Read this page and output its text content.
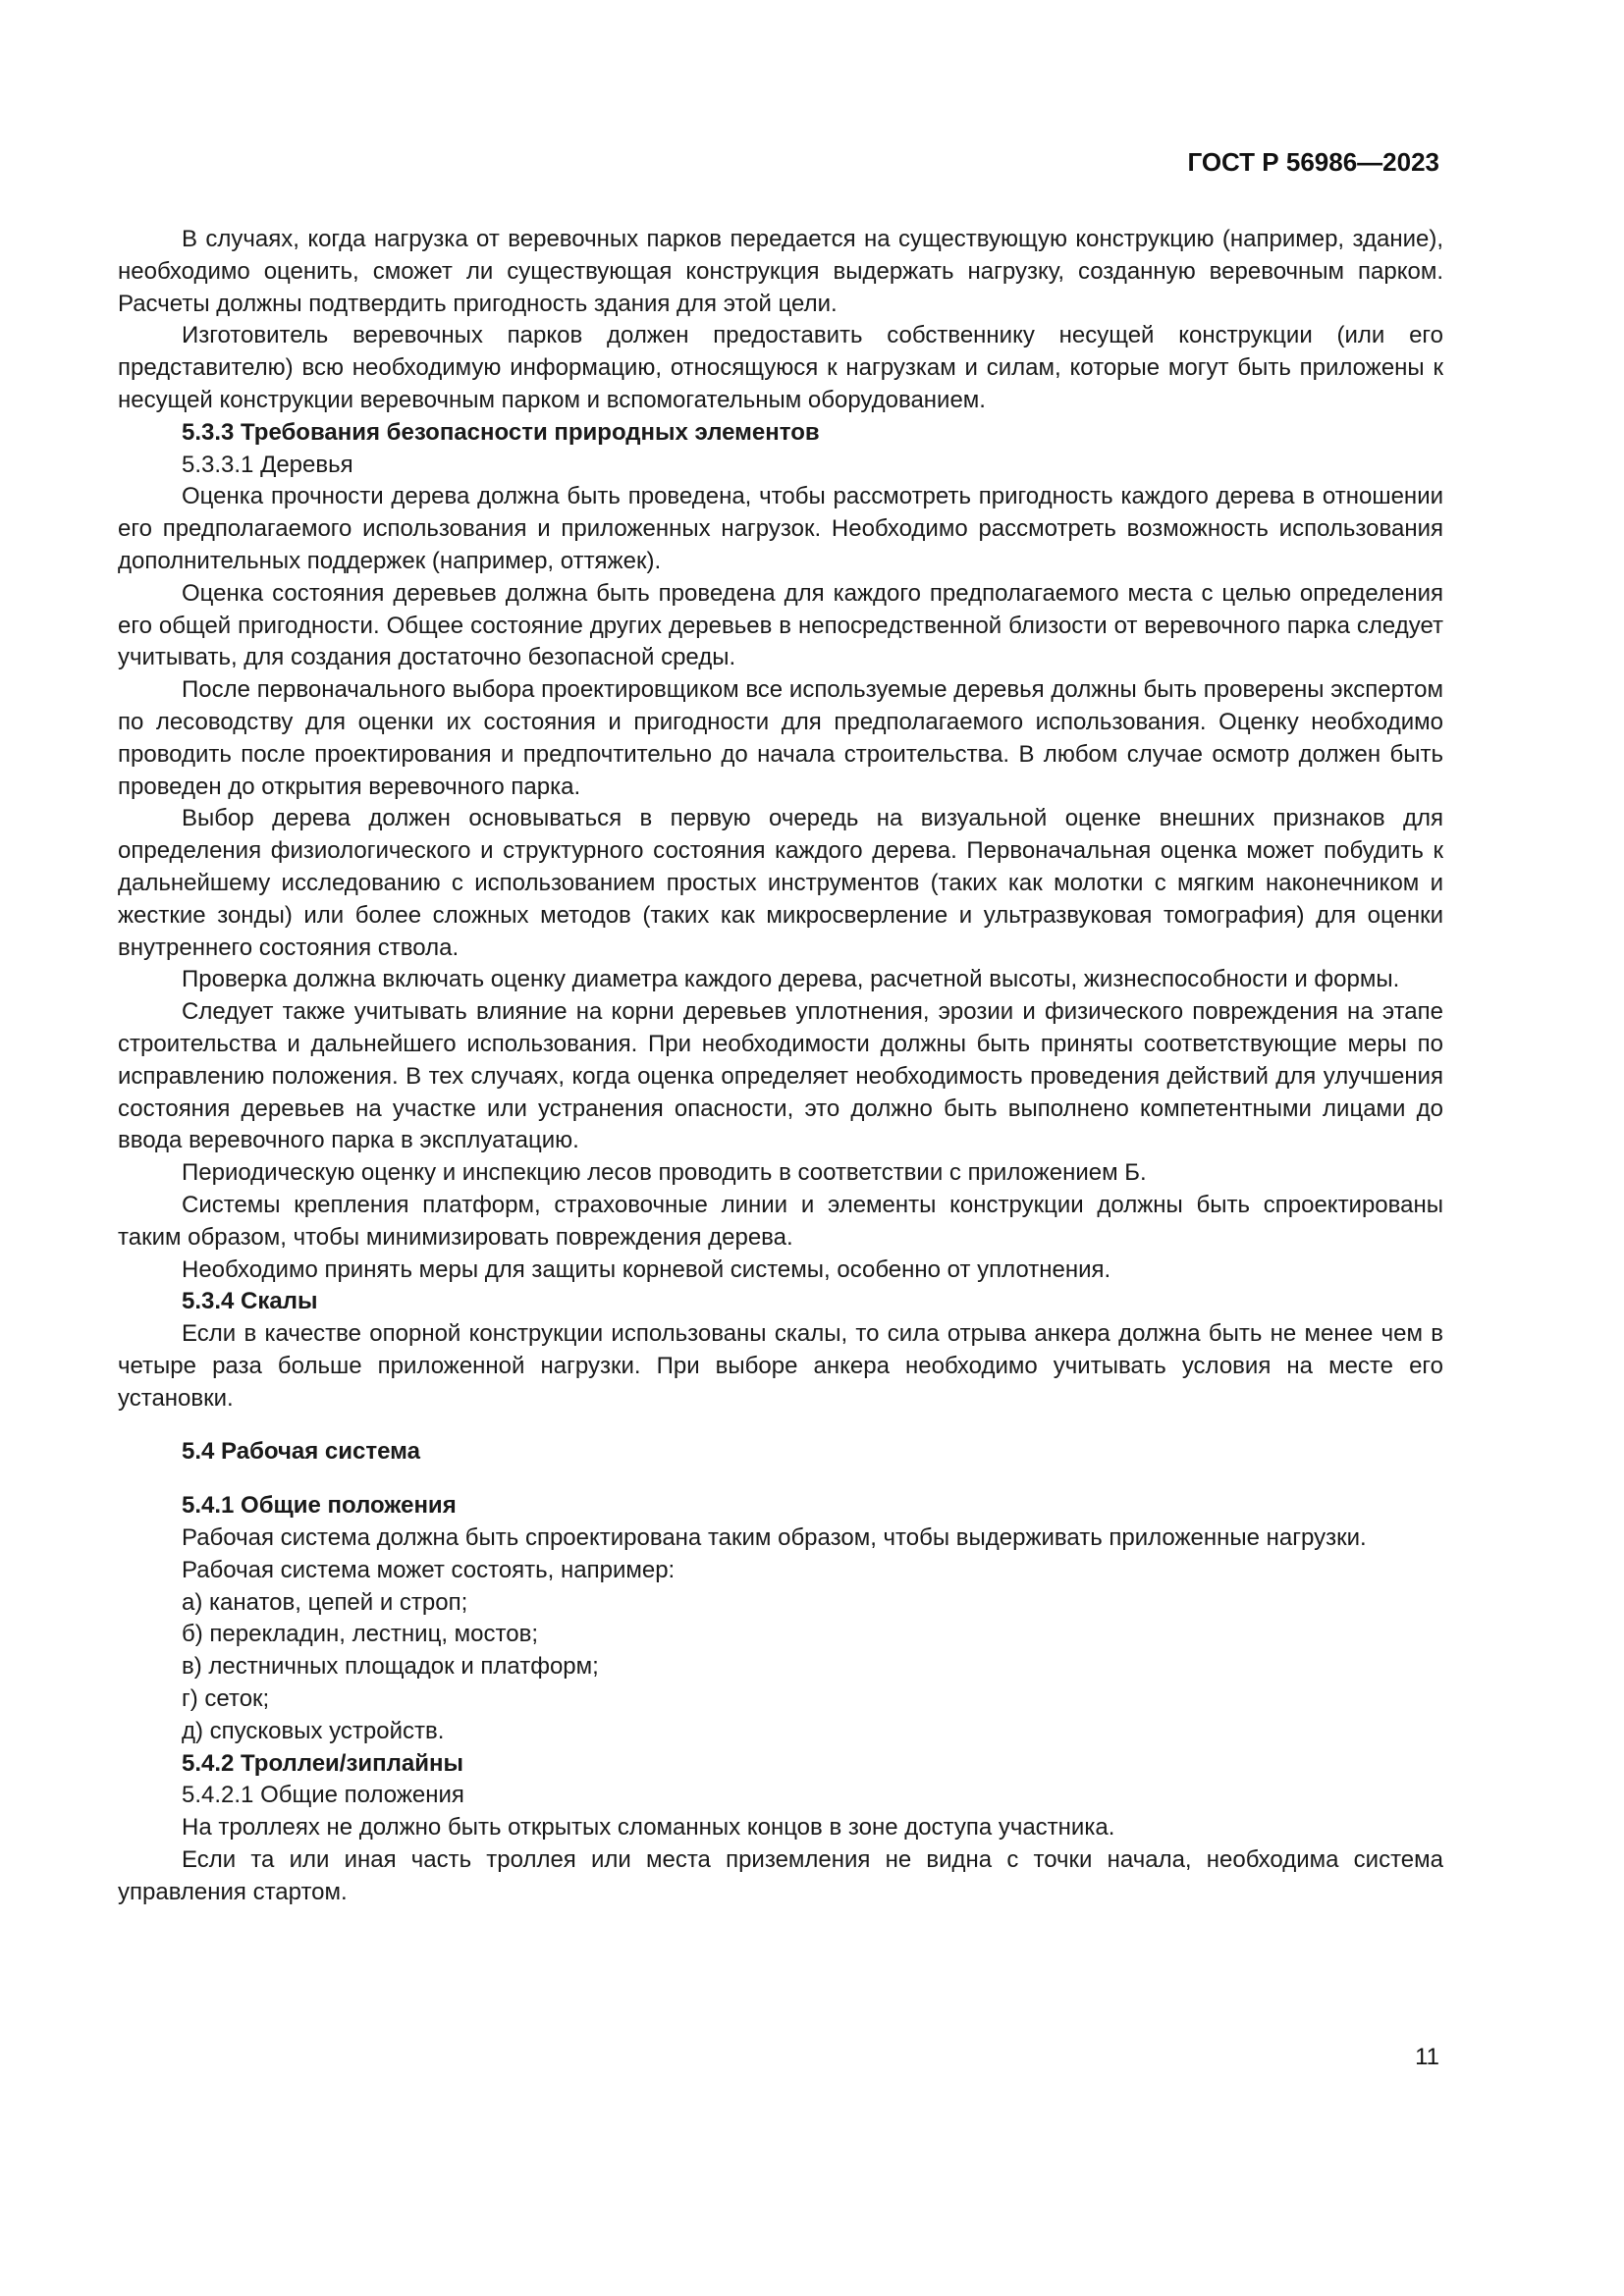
ГОСТ Р 56986—2023

В случаях, когда нагрузка от веревочных парков передается на существующую конструкцию (например, здание), необходимо оценить, сможет ли существующая конструкция выдержать нагрузку, созданную веревочным парком. Расчеты должны подтвердить пригодность здания для этой цели.

Изготовитель веревочных парков должен предоставить собственнику несущей конструкции (или его представителю) всю необходимую информацию, относящуюся к нагрузкам и силам, которые могут быть приложены к несущей конструкции веревочным парком и вспомогательным оборудованием.

5.3.3 Требования безопасности природных элементов

5.3.3.1 Деревья

Оценка прочности дерева должна быть проведена, чтобы рассмотреть пригодность каждого дерева в отношении его предполагаемого использования и приложенных нагрузок. Необходимо рассмотреть возможность использования дополнительных поддержек (например, оттяжек).

Оценка состояния деревьев должна быть проведена для каждого предполагаемого места с целью определения его общей пригодности. Общее состояние других деревьев в непосредственной близости от веревочного парка следует учитывать, для создания достаточно безопасной среды.

После первоначального выбора проектировщиком все используемые деревья должны быть проверены экспертом по лесоводству для оценки их состояния и пригодности для предполагаемого использования. Оценку необходимо проводить после проектирования и предпочтительно до начала строительства. В любом случае осмотр должен быть проведен до открытия веревочного парка.

Выбор дерева должен основываться в первую очередь на визуальной оценке внешних признаков для определения физиологического и структурного состояния каждого дерева. Первоначальная оценка может побудить к дальнейшему исследованию с использованием простых инструментов (таких как молотки с мягким наконечником и жесткие зонды) или более сложных методов (таких как микросверление и ультразвуковая томография) для оценки внутреннего состояния ствола.

Проверка должна включать оценку диаметра каждого дерева, расчетной высоты, жизнеспособности и формы.

Следует также учитывать влияние на корни деревьев уплотнения, эрозии и физического повреждения на этапе строительства и дальнейшего использования. При необходимости должны быть приняты соответствующие меры по исправлению положения. В тех случаях, когда оценка определяет необходимость проведения действий для улучшения состояния деревьев на участке или устранения опасности, это должно быть выполнено компетентными лицами до ввода веревочного парка в эксплуатацию.

Периодическую оценку и инспекцию лесов проводить в соответствии с приложением Б.

Системы крепления платформ, страховочные линии и элементы конструкции должны быть спроектированы таким образом, чтобы минимизировать повреждения дерева.

Необходимо принять меры для защиты корневой системы, особенно от уплотнения.

5.3.4 Скалы

Если в качестве опорной конструкции использованы скалы, то сила отрыва анкера должна быть не менее чем в четыре раза больше приложенной нагрузки. При выборе анкера необходимо учитывать условия на месте его установки.

5.4 Рабочая система

5.4.1 Общие положения

Рабочая система должна быть спроектирована таким образом, чтобы выдерживать приложенные нагрузки.

Рабочая система может состоять, например:

а) канатов, цепей и строп;

б) перекладин, лестниц, мостов;

в) лестничных площадок и платформ;

г) сеток;

д) спусковых устройств.

5.4.2 Троллеи/зиплайны

5.4.2.1 Общие положения

На троллеях не должно быть открытых сломанных концов в зоне доступа участника.

Если та или иная часть троллея или места приземления не видна с точки начала, необходима система управления стартом.

11
